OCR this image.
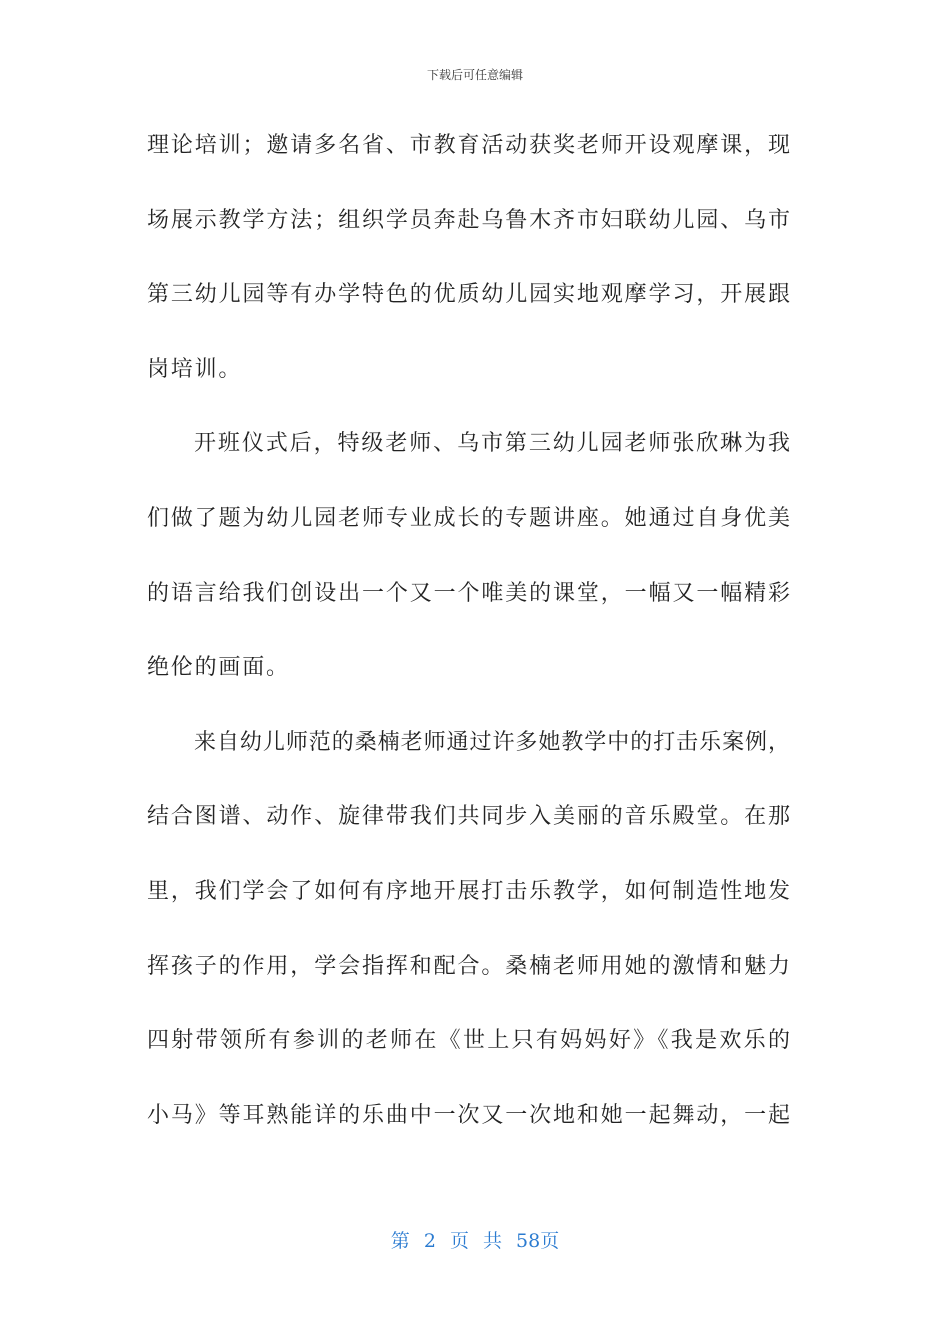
下载后可任意编辑
理论培训；邀请多名省、市教育活动获奖老师开设观摩课，现
场展示教学方法；组织学员奔赴乌鲁木齐市妇联幼儿园、乌市
第三幼儿园等有办学特色的优质幼儿园实地观摩学习，开展跟
岗培训。
开班仪式后，特级老师、乌市第三幼儿园老师张欣琳为我
们做了题为幼儿园老师专业成长的专题讲座。她通过自身优美
的语言给我们创设出一个又一个唯美的课堂，一幅又一幅精彩
绝伦的画面。
来自幼儿师范的桑楠老师通过许多她教学中的打击乐案例，
结合图谱、动作、旋律带我们共同步入美丽的音乐殿堂。在那
里，我们学会了如何有序地开展打击乐教学，如何制造性地发
挥孩子的作用，学会指挥和配合。桑楠老师用她的激情和魅力
四射带领所有参训的老师在《世上只有妈妈好》《我是欢乐的
小马》等耳熟能详的乐曲中一次又一次地和她一起舞动，一起
第 2 页 共 58页
